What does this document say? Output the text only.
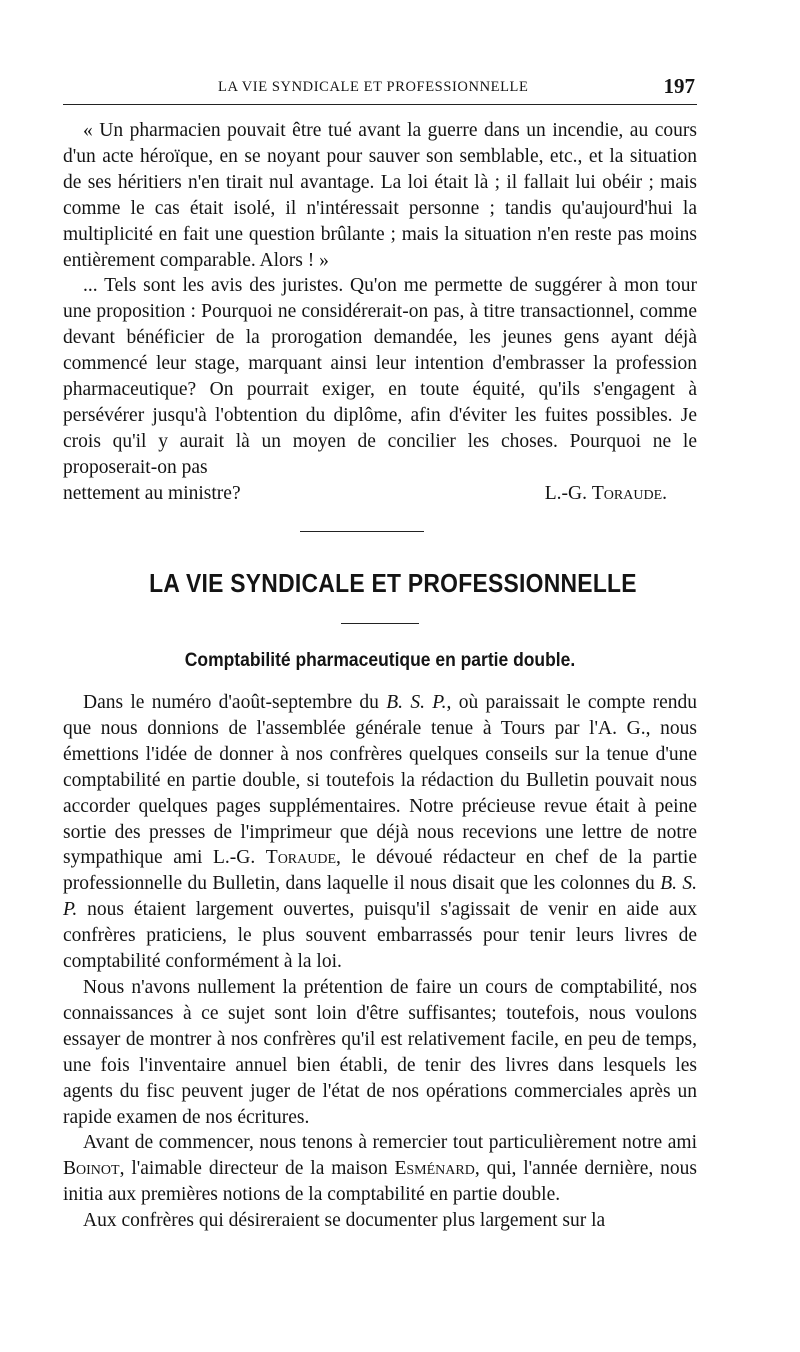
LA VIE SYNDICALE ET PROFESSIONNELLE	197

« Un pharmacien pouvait être tué avant la guerre dans un incendie, au cours d'un acte héroïque, en se noyant pour sauver son semblable, etc., et la situation de ses héritiers n'en tirait nul avantage. La loi était là ; il fallait lui obéir ; mais comme le cas était isolé, il n'intéressait personne ; tandis qu'aujourd'hui la multiplicité en fait une question brûlante ; mais la situation n'en reste pas moins entièrement comparable. Alors ! »

... Tels sont les avis des juristes. Qu'on me permette de suggérer à mon tour une proposition : Pourquoi ne considérerait-on pas, à titre transactionnel, comme devant bénéficier de la prorogation demandée, les jeunes gens ayant déjà commencé leur stage, marquant ainsi leur intention d'embrasser la profession pharmaceutique? On pourrait exiger, en toute équité, qu'ils s'engagent à persévérer jusqu'à l'obtention du diplôme, afin d'éviter les fuites possibles. Je crois qu'il y aurait là un moyen de concilier les choses. Pourquoi ne le proposerait-on pas

nettement au ministre?	L.-G. Toraude.
LA VIE SYNDICALE ET PROFESSIONNELLE
Comptabilité pharmaceutique en partie double.

Dans le numéro d'août-septembre du B. S. P., où paraissait le compte rendu que nous donnions de l'assemblée générale tenue à Tours par l'A. G., nous émettions l'idée de donner à nos confrères quelques conseils sur la tenue d'une comptabilité en partie double, si toutefois la rédaction du Bulletin pouvait nous accorder quelques pages supplémentaires. Notre précieuse revue était à peine sortie des presses de l'imprimeur que déjà nous recevions une lettre de notre sympathique ami L.-G. Toraude, le dévoué rédacteur en chef de la partie professionnelle du Bulletin, dans laquelle il nous disait que les colonnes du B. S. P. nous étaient largement ouvertes, puisqu'il s'agissait de venir en aide aux confrères praticiens, le plus souvent embarrassés pour tenir leurs livres de comptabilité conformément à la loi.

Nous n'avons nullement la prétention de faire un cours de comptabilité, nos connaissances à ce sujet sont loin d'être suffisantes; toutefois, nous voulons essayer de montrer à nos confrères qu'il est relativement facile, en peu de temps, une fois l'inventaire annuel bien établi, de tenir des livres dans lesquels les agents du fisc peuvent juger de l'état de nos opérations commerciales après un rapide examen de nos écritures.

Avant de commencer, nous tenons à remercier tout particulièrement notre ami Boinot, l'aimable directeur de la maison Esménard, qui, l'année dernière, nous initia aux premières notions de la comptabilité en partie double.

Aux confrères qui désireraient se documenter plus largement sur la
